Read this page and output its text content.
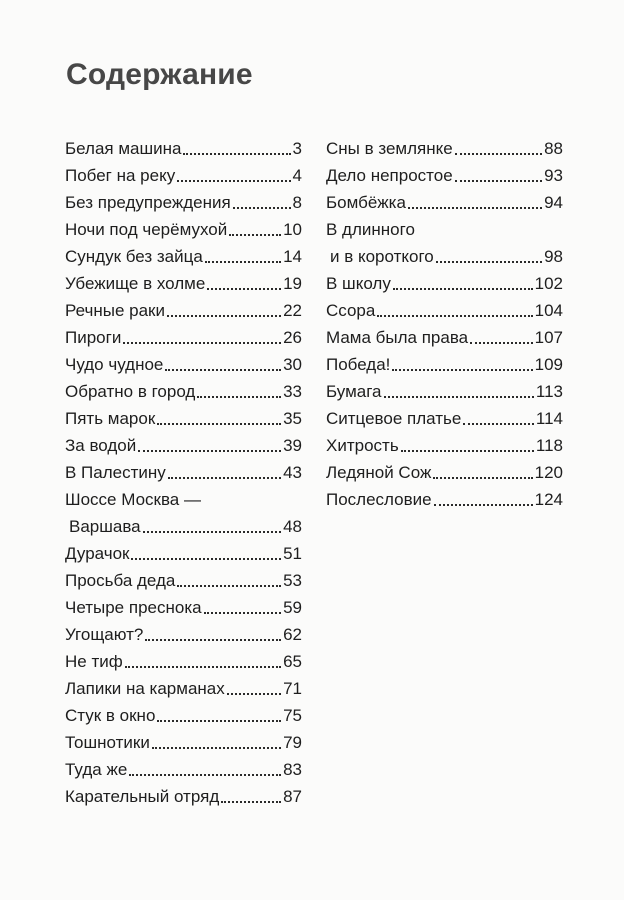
Содержание
Белая машина	3
Побег на реку	4
Без предупреждения	8
Ночи под черёмухой	10
Сундук без зайца	14
Убежище в холме	19
Речные раки	22
Пироги	26
Чудо чудное	30
Обратно в город	33
Пять марок	35
За водой	39
В Палестину	43
Шоссе Москва —
Варшава	48
Дурачок	51
Просьба деда	53
Четыре преснока	59
Угощают?	62
Не тиф	65
Лапики на карманах	71
Стук в окно	75
Тошнотики	79
Туда же	83
Карательный отряд	87
Сны в землянке	88
Дело непростое	93
Бомбёжка	94
В длинного
и в короткого	98
В школу	102
Ссора	104
Мама была права	107
Победа!	109
Бумага	113
Ситцевое платье	114
Хитрость	118
Ледяной Сож	120
Послесловие	124
